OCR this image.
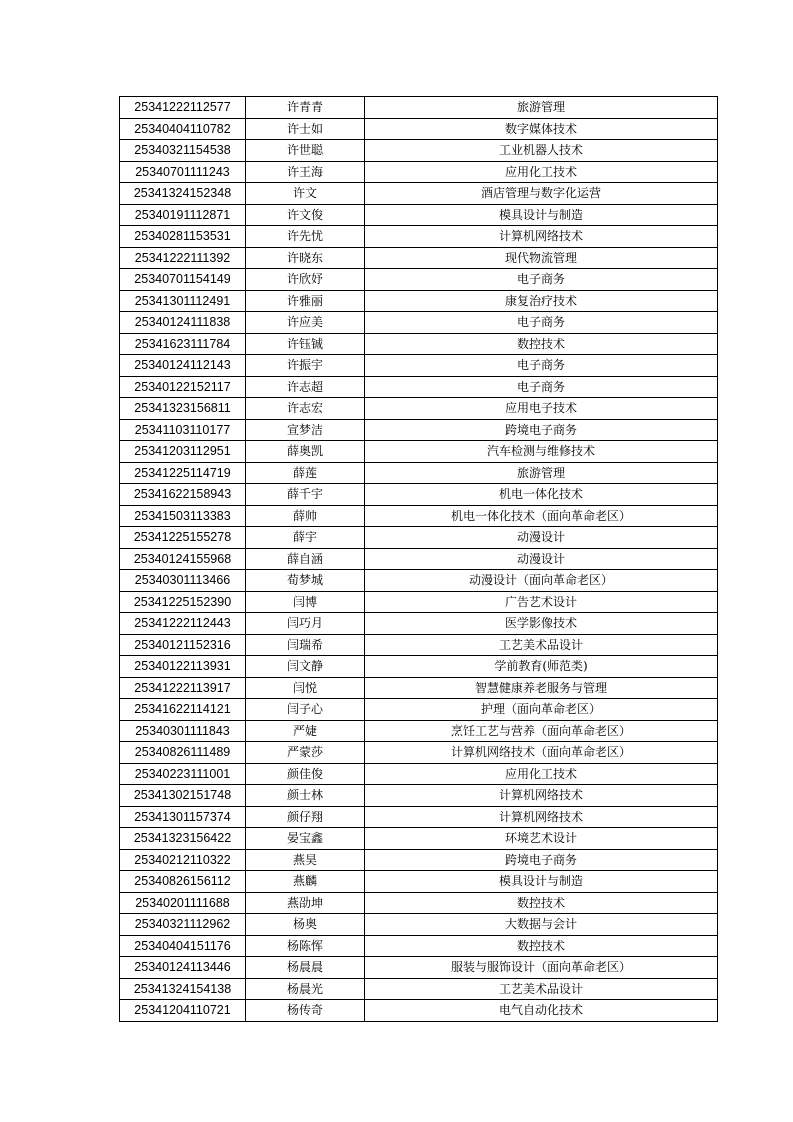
25341222112577	许青青	旅游管理
25340404110782	许士如	数字媒体技术
25340321154538	许世聪	工业机器人技术
25340701111243	许王海	应用化工技术
25341324152348	许文	酒店管理与数字化运营
25340191112871	许文俊	模具设计与制造
25340281153531	许先忧	计算机网络技术
25341222111392	许晓东	现代物流管理
25340701154149	许欣妤	电子商务
25341301112491	许雅丽	康复治疗技术
25340124111838	许应美	电子商务
25341623111784	许钰铖	数控技术
25340124112143	许振宇	电子商务
25340122152117	许志超	电子商务
25341323156811	许志宏	应用电子技术
25341103110177	宣梦洁	跨境电子商务
25341203112951	薛奥凯	汽车检测与维修技术
25341225114719	薛莲	旅游管理
25341622158943	薛千宇	机电一体化技术
25341503113383	薛帅	机电一体化技术（面向革命老区）
25341225155278	薛宇	动漫设计
25340124155968	薛自涵	动漫设计
25340301113466	荀梦城	动漫设计（面向革命老区）
25341225152390	闫博	广告艺术设计
25341222112443	闫巧月	医学影像技术
25340121152316	闫瑞希	工艺美术品设计
25340122113931	闫文静	学前教育(师范类)
25341222113917	闫悦	智慧健康养老服务与管理
25341622114121	闫子心	护理（面向革命老区）
25340301111843	严婕	烹饪工艺与营养（面向革命老区）
25340826111489	严蒙莎	计算机网络技术（面向革命老区）
25340223111001	颜佳俊	应用化工技术
25341302151748	颜士林	计算机网络技术
25341301157374	颜仔翔	计算机网络技术
25341323156422	晏宝鑫	环境艺术设计
25340212110322	燕昊	跨境电子商务
25340826156112	燕麟	模具设计与制造
25340201111688	燕劭坤	数控技术
25340321112962	杨奥	大数据与会计
25340404151176	杨陈恽	数控技术
25340124113446	杨晨晨	服装与服饰设计（面向革命老区）
25341324154138	杨晨光	工艺美术品设计
25341204110721	杨传奇	电气自动化技术
